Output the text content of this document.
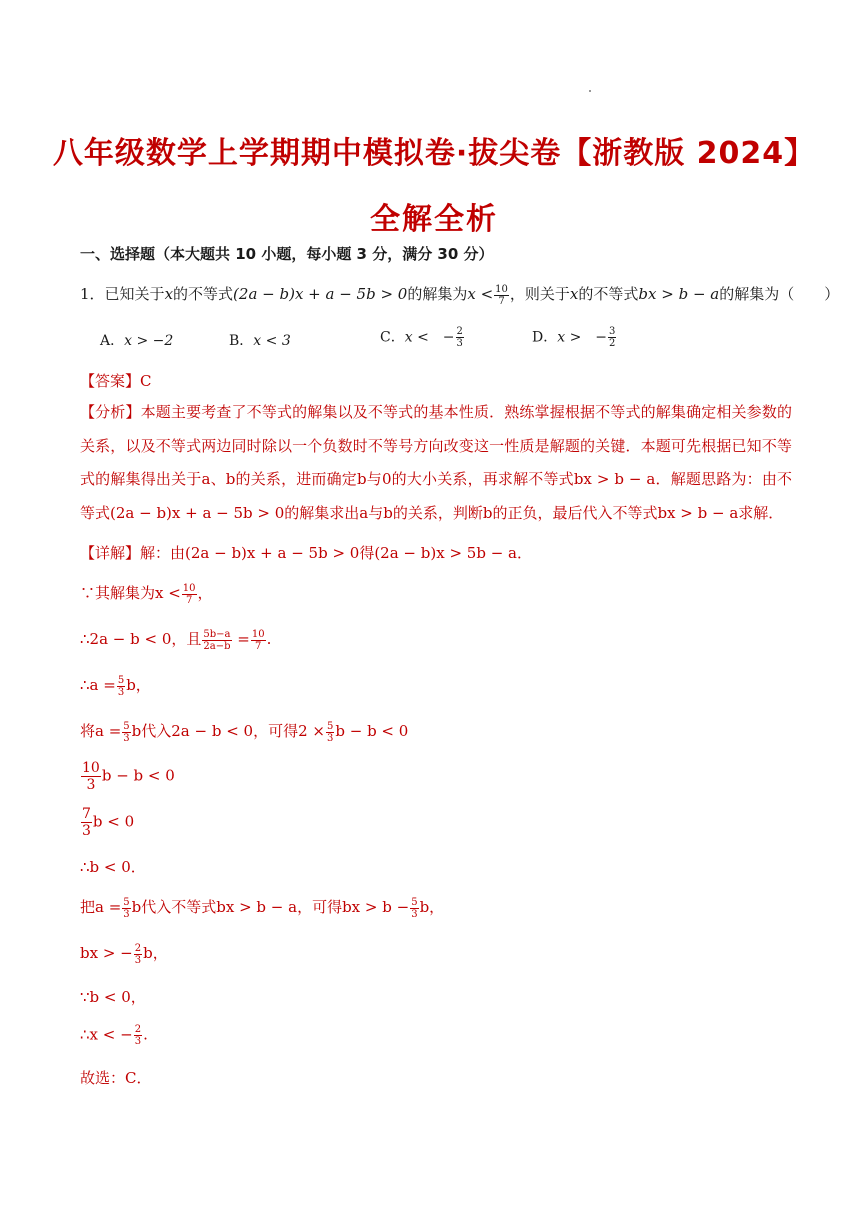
八年级数学上学期期中模拟卷·拔尖卷【浙教版 2024】
全解全析
一、选择题（本大题共 10 小题，每小题 3 分，满分 30 分）
1．已知关于x的不等式(2a − b)x + a − 5b > 0的解集为$x < \frac{10}{7}$ ，则关于x的不等式bx > b − a的解集为（　　）
A．x > −2	B．x < 3	C．x <　− $\frac{2}{3}$	D．x >　− $\frac{3}{2}$
【答案】C
【分析】本题主要考查了不等式的解集以及不等式的基本性质．熟练掌握根据不等式的解集确定相关参数的关系，以及不等式两边同时除以一个负数时不等号方向改变这一性质是解题的关键．本题可先根据已知不等式的解集得出关于a、b的关系，进而确定b与0的大小关系，再求解不等式bx > b − a．解题思路为：由不等式(2a − b)x + a − 5b > 0的解集求出a与b的关系，判断b的正负，最后代入不等式bx > b − a求解．
【详解】解：由(2a − b)x + a − 5b > 0得(2a − b)x > 5b − a．
∵其解集为$x < \frac{10}{7}$ ，
∴2a − b < 0，且 $\frac{5b-a}{2a-b} = \frac{10}{7}$ .
∴a = $\frac{5}{3}$ b，
将$a = \frac{5}{3}$ b代入2a − b < 0，可得$2 \times \frac{5}{3}$ b − b < 0
$\frac{10}{3}$ b − b < 0
$\frac{7}{3}$ b < 0
∴b < 0．
把$a = \frac{5}{3}$ b代入不等式bx > b − a，可得bx > $b - \frac{5}{3}$ b，
bx > − $\frac{2}{3}$ b，
∵b < 0，
∴x < − $\frac{2}{3}$ .
故选：C．
